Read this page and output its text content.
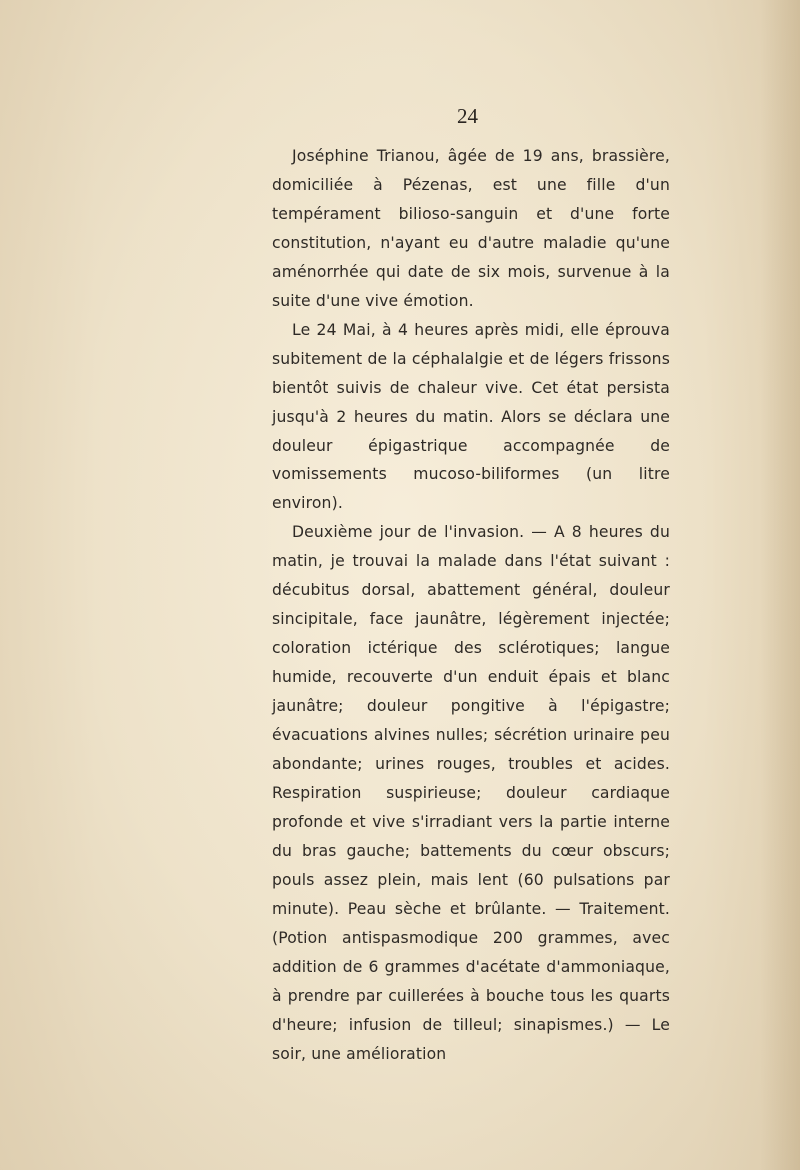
24

Joséphine Trianou, âgée de 19 ans, brassière, domiciliée à Pézenas, est une fille d'un tempérament bilioso-sanguin et d'une forte constitution, n'ayant eu d'autre maladie qu'une aménorrhée qui date de six mois, survenue à la suite d'une vive émotion.

Le 24 Mai, à 4 heures après midi, elle éprouva subitement de la céphalalgie et de légers frissons bientôt suivis de chaleur vive. Cet état persista jusqu'à 2 heures du matin. Alors se déclara une douleur épigastrique accompagnée de vomissements mucoso-biliformes (un litre environ).

Deuxième jour de l'invasion. — A 8 heures du matin, je trouvai la malade dans l'état suivant : décubitus dorsal, abattement général, douleur sincipitale, face jaunâtre, légèrement injectée; coloration ictérique des sclérotiques; langue humide, recouverte d'un enduit épais et blanc jaunâtre; douleur pongitive à l'épigastre; évacuations alvines nulles; sécrétion urinaire peu abondante; urines rouges, troubles et acides. Respiration suspirieuse; douleur cardiaque profonde et vive s'irradiant vers la partie interne du bras gauche; battements du cœur obscurs; pouls assez plein, mais lent (60 pulsations par minute). Peau sèche et brûlante. — Traitement. (Potion antispasmodique 200 grammes, avec addition de 6 grammes d'acétate d'ammoniaque, à prendre par cuillerées à bouche tous les quarts d'heure; infusion de tilleul; sinapismes.) — Le soir, une amélioration
